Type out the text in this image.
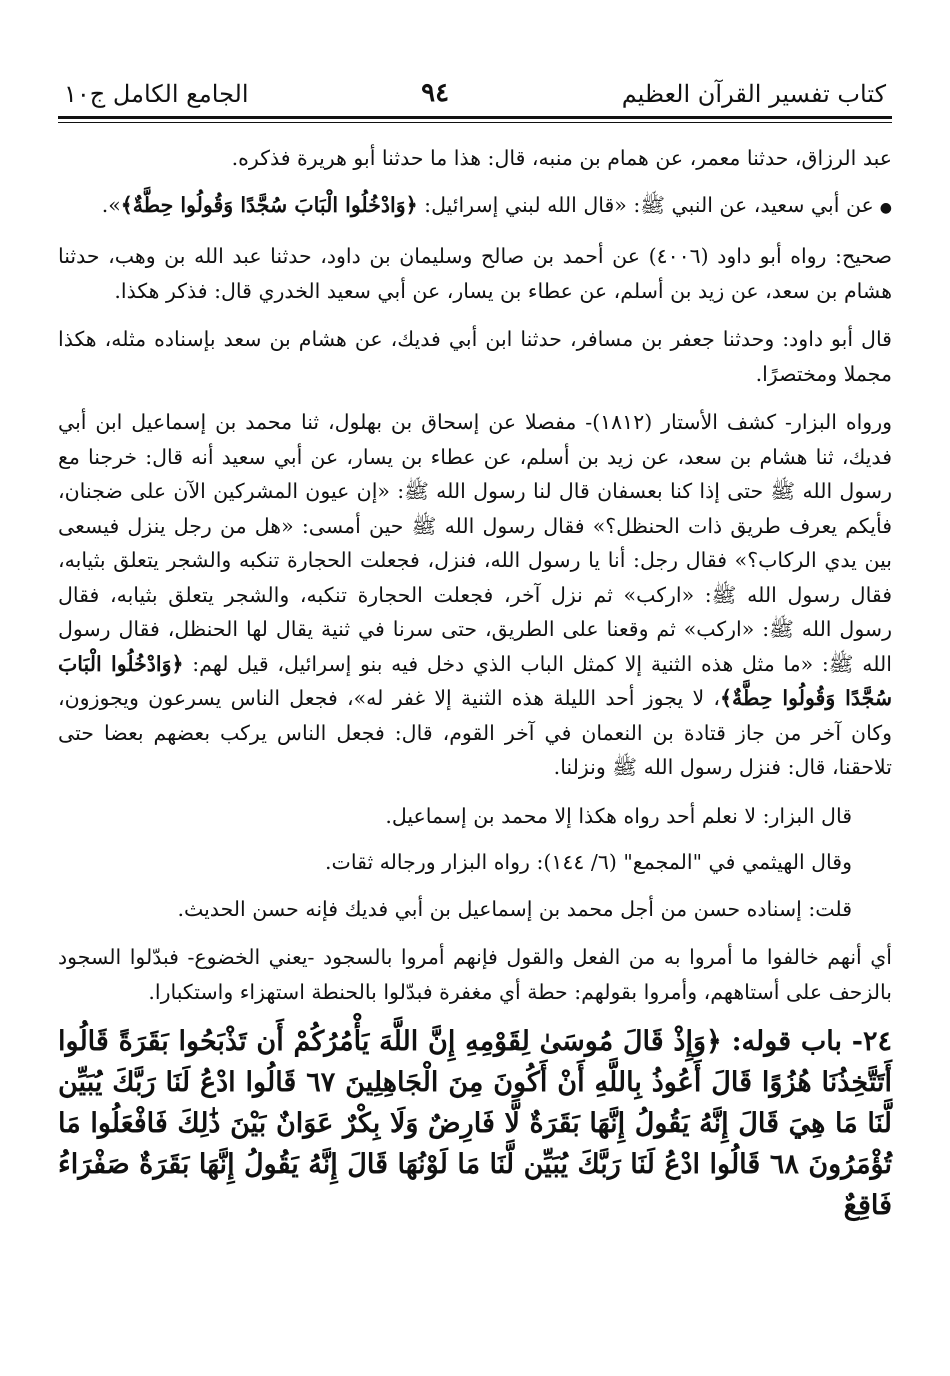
كتاب تفسير القرآن العظيم
٩٤
الجامع الكامل ج١٠

عبد الرزاق، حدثنا معمر، عن همام بن منبه، قال: هذا ما حدثنا أبو هريرة فذكره.

● عن أبي سعيد، عن النبي ﷺ: «قال الله لبني إسرائيل: ﴿وَادْخُلُوا الْبَابَ سُجَّدًا وَقُولُوا حِطَّةٌ﴾».

صحيح: رواه أبو داود (٤٠٠٦) عن أحمد بن صالح وسليمان بن داود، حدثنا عبد الله بن وهب، حدثنا هشام بن سعد، عن زيد بن أسلم، عن عطاء بن يسار، عن أبي سعيد الخدري قال: فذكر هكذا.

قال أبو داود: وحدثنا جعفر بن مسافر، حدثنا ابن أبي فديك، عن هشام بن سعد بإسناده مثله، هكذا مجملا ومختصرًا.

ورواه البزار- كشف الأستار (١٨١٢)- مفصلا عن إسحاق بن بهلول، ثنا محمد بن إسماعيل ابن أبي فديك، ثنا هشام بن سعد، عن زيد بن أسلم، عن عطاء بن يسار، عن أبي سعيد أنه قال: خرجنا مع رسول الله ﷺ حتى إذا كنا بعسفان قال لنا رسول الله ﷺ: «إن عيون المشركين الآن على ضجنان، فأيكم يعرف طريق ذات الحنظل؟» فقال رسول الله ﷺ حين أمسى: «هل من رجل ينزل فيسعى بين يدي الركاب؟» فقال رجل: أنا يا رسول الله، فنزل، فجعلت الحجارة تنكبه والشجر يتعلق بثيابه، فقال رسول الله ﷺ: «اركب» ثم نزل آخر، فجعلت الحجارة تنكبه، والشجر يتعلق بثيابه، فقال رسول الله ﷺ: «اركب» ثم وقعنا على الطريق، حتى سرنا في ثنية يقال لها الحنظل، فقال رسول الله ﷺ: «ما مثل هذه الثنية إلا كمثل الباب الذي دخل فيه بنو إسرائيل، قيل لهم: ﴿وَادْخُلُوا الْبَابَ سُجَّدًا وَقُولُوا حِطَّةٌ﴾، لا يجوز أحد الليلة هذه الثنية إلا غفر له»، فجعل الناس يسرعون ويجوزون، وكان آخر من جاز قتادة بن النعمان في آخر القوم، قال: فجعل الناس يركب بعضهم بعضا حتى تلاحقنا، قال: فنزل رسول الله ﷺ ونزلنا.

قال البزار: لا نعلم أحد رواه هكذا إلا محمد بن إسماعيل.

وقال الهيثمي في "المجمع" (٦/ ١٤٤): رواه البزار ورجاله ثقات.

قلت: إسناده حسن من أجل محمد بن إسماعيل بن أبي فديك فإنه حسن الحديث.

أي أنهم خالفوا ما أمروا به من الفعل والقول فإنهم أمروا بالسجود -يعني الخضوع- فبدّلوا السجود بالزحف على أستاههم، وأمروا بقولهم: حطة أي مغفرة فبدّلوا بالحنطة استهزاء واستكبارا.

٢٤- باب قوله: ﴿وَإِذْ قَالَ مُوسَىٰ لِقَوْمِهِ إِنَّ اللَّهَ يَأْمُرُكُمْ أَن تَذْبَحُوا بَقَرَةً قَالُوا أَتَتَّخِذُنَا هُزُوًا قَالَ أَعُوذُ بِاللَّهِ أَنْ أَكُونَ مِنَ الْجَاهِلِينَ ٦٧ قَالُوا ادْعُ لَنَا رَبَّكَ يُبَيِّن لَّنَا مَا هِيَ قَالَ إِنَّهُ يَقُولُ إِنَّهَا بَقَرَةٌ لَّا فَارِضٌ وَلَا بِكْرٌ عَوَانٌ بَيْنَ ذَٰلِكَ فَافْعَلُوا مَا تُؤْمَرُونَ ٦٨ قَالُوا ادْعُ لَنَا رَبَّكَ يُبَيِّن لَّنَا مَا لَوْنُهَا قَالَ إِنَّهُ يَقُولُ إِنَّهَا بَقَرَةٌ صَفْرَاءُ فَاقِعٌ
